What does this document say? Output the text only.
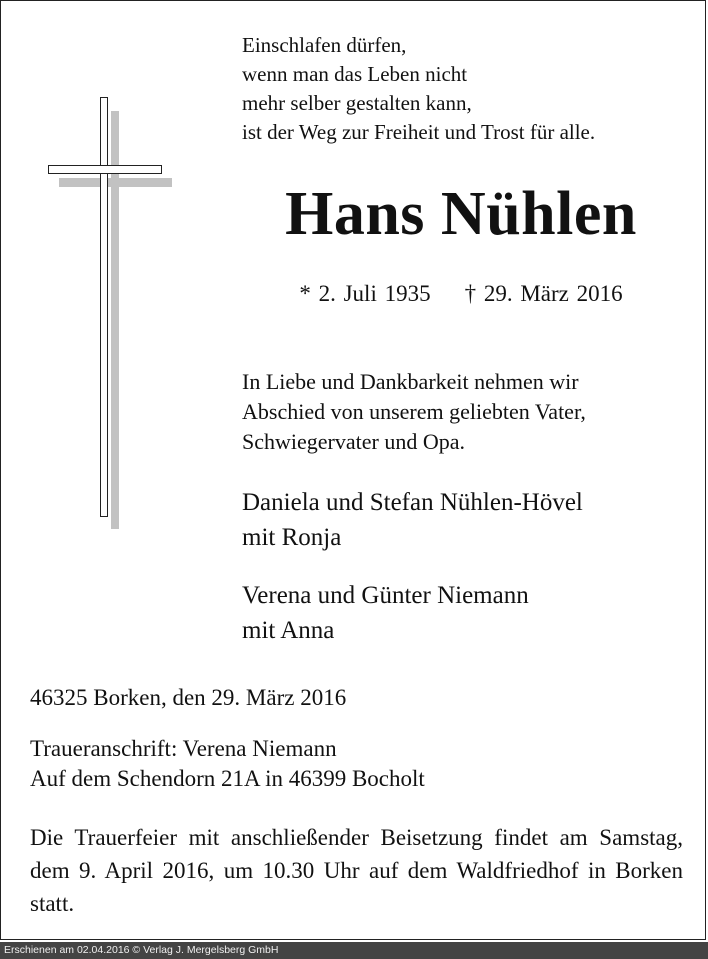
Einschlafen dürfen,
wenn man das Leben nicht
mehr selber gestalten kann,
ist der Weg zur Freiheit und Trost für alle.
Hans Nühlen
* 2. Juli 1935 † 29. März 2016
In Liebe und Dankbarkeit nehmen wir
Abschied von unserem geliebten Vater,
Schwiegervater und Opa.
Daniela und Stefan Nühlen-Hövel
mit Ronja
Verena und Günter Niemann
mit Anna
46325 Borken, den 29. März 2016
Traueranschrift: Verena Niemann
Auf dem Schendorn 21A in 46399 Bocholt
Die Trauerfeier mit anschließender Beisetzung findet am Samstag, dem 9. April 2016, um 10.30 Uhr auf dem Waldfriedhof in Borken statt.
Erschienen am 02.04.2016 © Verlag J. Mergelsberg GmbH
